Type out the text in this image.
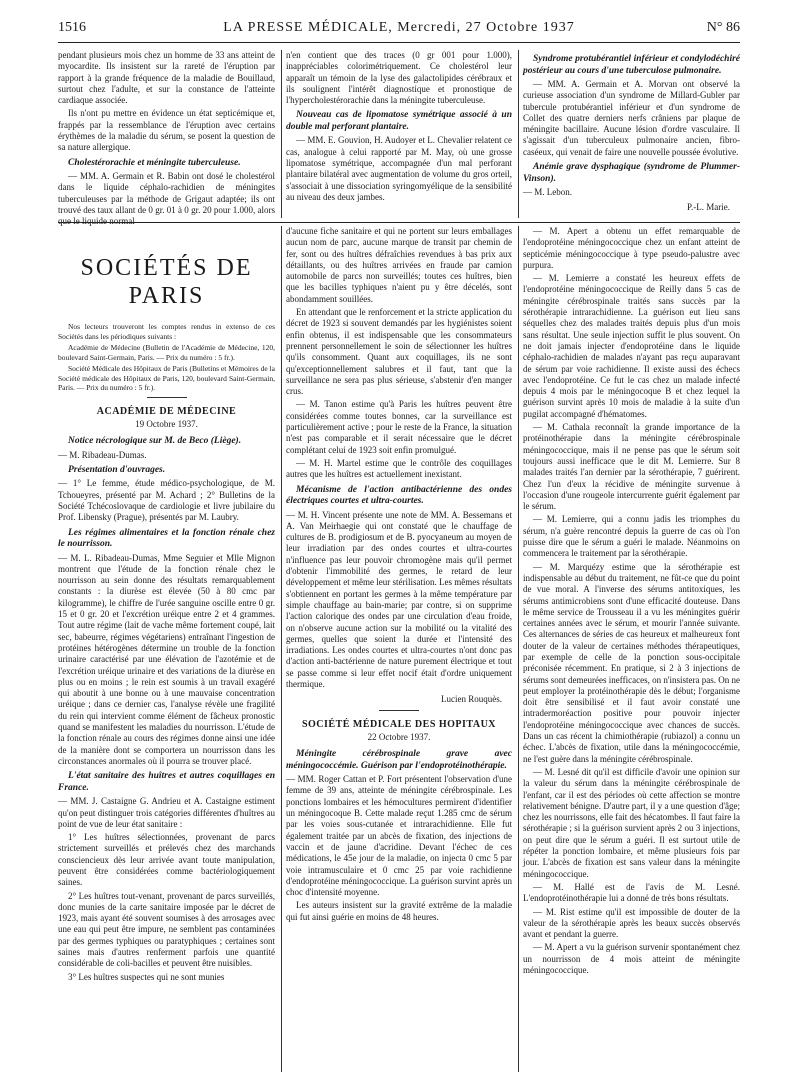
1516	LA PRESSE MÉDICALE, Mercredi, 27 Octobre 1937	N° 86

pendant plusieurs mois chez un homme de 33 ans atteint de myocardite. Ils insistent sur la rareté de l'éruption par rapport à la grande fréquence de la maladie de Bouillaud, surtout chez l'adulte, et sur la constance de l'atteinte cardiaque associée.

Ils n'ont pu mettre en évidence un état septicémique et, frappés par la ressemblance de l'éruption avec certains érythèmes de la maladie du sérum, se posent la question de sa nature allergique.

Cholestérorachie et méningite tuberculeuse.

— MM. A. Germain et R. Babin ont dosé le cholestérol dans le liquide céphalo-rachidien de méningites tuberculeuses par la méthode de Grigaut adaptée; ils ont trouvé des taux allant de 0 gr. 01 à 0 gr. 20 pour 1.000, alors que le liquide normal

n'en contient que des traces (0 gr 001 pour 1.000), inappréciables colorimétriquement. Ce cholestérol leur apparaît un témoin de la lyse des galactolipides cérébraux et ils soulignent l'intérêt diagnostique et pronostique de l'hypercholestérorachie dans la méningite tuberculeuse.

Nouveau cas de lipomatose symétrique associé à un double mal perforant plantaire.

— MM. E. Gouvion, H. Audoyer et L. Chevalier relatent ce cas, analogue à celui rapporté par M. May, où une grosse lipomatose symétrique, accompagnée d'un mal perforant plantaire bilatéral avec augmentation de volume du gros orteil, s'associait à une dissociation syringomyélique de la sensibilité au niveau des deux jambes.

Syndrome protubérantiel inférieur et condylodéchiré postérieur au cours d'une tuberculose pulmonaire.

— MM. A. Germain et A. Morvan ont observé la curieuse association d'un syndrome de Millard-Gubler par tubercule protubérantiel inférieur et d'un syndrome de Collet des quatre derniers nerfs crâniens par plaque de méningite bacillaire. Aucune lésion d'ordre vasculaire. Il s'agissait d'un tuberculeux pulmonaire ancien, fibro-caséeux, qui venait de faire une nouvelle poussée évolutive.

Anémie grave dysphagique (syndrome de Plummer-Vinson).

— M. Lebon.

P.-L. Marie.
SOCIÉTÉS DE PARIS

Nos lecteurs trouveront les comptes rendus in extenso de ces Sociétés dans les périodiques suivants :

Académie de Médecine (Bulletin de l'Académie de Médecine, 120, boulevard Saint-Germain, Paris. — Prix du numéro : 5 fr.).

Société Médicale des Hôpitaux de Paris (Bulletins et Mémoires de la Société médicale des Hôpitaux de Paris, 120, boulevard Saint-Germain, Paris. — Prix du numéro : 5 fr.).

ACADÉMIE DE MÉDECINE
19 Octobre 1937.
Notice nécrologique sur M. de Beco (Liège).

— M. Ribadeau-Dumas.

Présentation d'ouvrages.

— 1° Le femme, étude médico-psychologique, de M. Tchoueyres, présenté par M. Achard ; 2° Bulletins de la Société Tchécoslovaque de cardiologie et livre jubilaire du Prof. Libensky (Prague), présentés par M. Laubry.

Les régimes alimentaires et la fonction rénale chez le nourrisson.

— M. L. Ribadeau-Dumas, Mme Seguier et Mlle Mignon montrent que l'étude de la fonction rénale chez le nourrisson au sein donne des résultats remarquablement constants : la diurèse est élevée (50 à 80 cmc par kilogramme), le chiffre de l'urée sanguine oscille entre 0 gr. 15 et 0 gr. 20 et l'excrétion uréique entre 2 et 4 grammes. Tout autre régime (lait de vache même fortement coupé, lait sec, babeurre, régimes végétariens) entraînant l'ingestion de protéines hétérogènes détermine un trouble de la fonction urinaire caractérisé par une élévation de l'azotémie et de l'excrétion uréique urinaire et des variations de la diurèse en plus ou en moins ; le rein est soumis à un travail exagéré qui aboutit à une bonne ou à une mauvaise concentration uréique ; dans ce dernier cas, l'analyse révèle une fragilité du rein qui intervient comme élément de fâcheux pronostic quand se manifestent les maladies du nourrisson. L'étude de la fonction rénale au cours des régimes donne ainsi une idée de la manière dont se comportera un nourrisson dans les circonstances anormales où il pourra se trouver placé.

L'état sanitaire des huîtres et autres coquillages en France.

— MM. J. Castaigne G. Andrieu et A. Castaigne estiment qu'on peut distinguer trois catégories différentes d'huîtres au point de vue de leur état sanitaire :

1° Les huîtres sélectionnées, provenant de parcs strictement surveillés et prélevés chez des marchands consciencieux dès leur arrivée avant toute manipulation, peuvent être considérées comme bactériologiquement saines.

2° Les huîtres tout-venant, provenant de parcs surveillés, donc munies de la carte sanitaire imposée par le décret de 1923, mais ayant été souvent soumises à des arrosages avec une eau qui peut être impure, ne semblent pas contaminées par des germes typhiques ou paratyphiques ; certaines sont saines mais d'autres renferment parfois une quantité considérable de coli-bacilles et peuvent être nuisibles.

3° Les huîtres suspectes qui ne sont munies

d'aucune fiche sanitaire et qui ne portent sur leurs emballages aucun nom de parc, aucune marque de transit par chemin de fer, sont ou des huîtres défraîchies revendues à bas prix aux détaillants, ou des huîtres arrivées en fraude par camion automobile de parcs non surveillés; toutes ces huîtres, bien que les bacilles typhiques n'aient pu y être décelés, sont abondamment souillées.

En attendant que le renforcement et la stricte application du décret de 1923 si souvent demandés par les hygiénistes soient enfin obtenus, il est indispensable que les consommateurs prennent personnellement le soin de sélectionner les huîtres qu'ils consomment. Quant aux coquillages, ils ne sont qu'exceptionnellement salubres et il faut, tant que la surveillance ne sera pas plus sérieuse, s'abstenir d'en manger crus.

— M. Tanon estime qu'à Paris les huîtres peuvent être considérées comme toutes bonnes, car la surveillance est particulièrement active ; pour le reste de la France, la situation n'est pas comparable et il serait nécessaire que le décret complétant celui de 1923 soit enfin promulgué.

— M. H. Martel estime que le contrôle des coquillages autres que les huîtres est actuellement inexistant.

Mécanisme de l'action antibactérienne des ondes électriques courtes et ultra-courtes.

— M. H. Vincent présente une note de MM. A. Bessemans et A. Van Meirhaegie qui ont constaté que le chauffage de cultures de B. prodigiosum et de B. pyocyaneum au moyen de leur irradiation par des ondes courtes et ultra-courtes n'influence pas leur pouvoir chromogène mais qu'il permet d'obtenir l'immobilité des germes, le retard de leur développement et même leur stérilisation. Les mêmes résultats s'obtiennent en portant les germes à la même température par simple chauffage au bain-marie; par contre, si on supprime l'action calorique des ondes par une circulation d'eau froide, on n'observe aucune action sur la mobilité ou la vitalité des germes, quelles que soient la durée et l'intensité des irradiations. Les ondes courtes et ultra-courtes n'ont donc pas d'action anti-bactérienne de nature purement électrique et tout se passe comme si leur effet nocif était d'ordre uniquement thermique.

Lucien Rouquès.
SOCIÉTÉ MÉDICALE DES HOPITAUX
22 Octobre 1937.
Méningite cérébrospinale grave avec méningococcémie. Guérison par l'endoprotéinothérapie.

— MM. Roger Cattan et P. Fort présentent l'observation d'une femme de 39 ans, atteinte de méningite cérébrospinale. Les ponctions lombaires et les hémocultures permirent d'identifier un méningocoque B. Cette malade reçut 1.285 cmc de sérum par les voies sous-cutanée et intrarachidienne. Elle fut également traitée par un abcès de fixation, des injections de vaccin et de jaune d'acridine. Devant l'échec de ces médications, le 45e jour de la maladie, on injecta 0 cmc 5 par voie intramusculaire et 0 cmc 25 par voie rachidienne d'endoprotéine méningococcique. La guérison survint après un choc d'intensité moyenne.

Les auteurs insistent sur la gravité extrême de la maladie qui fut ainsi guérie en moins de 48 heures.

— M. Apert a obtenu un effet remarquable de l'endoprotéine méningococcique chez un enfant atteint de septicémie méningococcique à type pseudo-palustre avec purpura.

— M. Lemierre a constaté les heureux effets de l'endoprotéine méningococcique de Reilly dans 5 cas de méningite cérébrospinale traités sans succès par la sérothérapie intrarachidienne. La guérison eut lieu sans séquelles chez des malades traités depuis plus d'un mois sans résultat. Une seule injection suffit le plus souvent. On ne doit jamais injecter d'endoprotéine dans le liquide céphalo-rachidien de malades n'ayant pas reçu auparavant de sérum par voie rachidienne. Il existe aussi des échecs avec l'endoprotéine. Ce fut le cas chez un malade infecté depuis 4 mois par le méningocoque B et chez lequel la guérison survint après 10 mois de maladie à la suite d'un pugilat accompagné d'hématomes.

— M. Cathala reconnaît la grande importance de la protéinothérapie dans la méningite cérébrospinale méningococcique, mais il ne pense pas que le sérum soit toujours aussi inefficace que le dit M. Lemierre. Sur 8 malades traités l'an dernier par la sérothérapie, 7 guérirent. Chez l'un d'eux la récidive de méningite survenue à l'occasion d'une rougeole intercurrente guérit également par le sérum.

— M. Lemierre, qui a connu jadis les triomphes du sérum, n'a guère rencontré depuis la guerre de cas où l'on puisse dire que le sérum a guéri le malade. Néanmoins on commencera le traitement par la sérothérapie.

— M. Marquézy estime que la sérothérapie est indispensable au début du traitement, ne fût-ce que du point de vue moral. A l'inverse des sérums antitoxiques, les sérums antimicrobiens sont d'une efficacité douteuse. Dans le même service de Trousseau il a vu les méningites guérir certaines années avec le sérum, et mourir l'année suivante. Ces alternances de séries de cas heureux et malheureux font douter de la valeur de certaines méthodes thérapeutiques, par exemple de celle de la ponction sous-occipitale préconisée récemment. En pratique, si 2 à 3 injections de sérums sont demeurées inefficaces, on n'insistera pas. On ne peut employer la protéinothérapie dès le début; l'organisme doit être sensibilisé et il faut avoir constaté une intradermoréaction positive pour pouvoir injecter l'endoprotéine méningococcique avec chances de succès. Dans un cas récent la chimiothérapie (rubiazol) a connu un échec. L'abcès de fixation, utile dans la méningococcémie, ne l'est guère dans la méningite cérébrospinale.

— M. Lesné dit qu'il est difficile d'avoir une opinion sur la valeur du sérum dans la méningite cérébrospinale de l'enfant, car il est des périodes où cette affection se montre relativement bénigne. D'autre part, il y a une question d'âge; chez les nourrissons, elle fait des hécatombes. Il faut faire la sérothérapie ; si la guérison survient après 2 ou 3 injections, on peut dire que le sérum a guéri. Il est surtout utile de répéter la ponction lombaire, et même plusieurs fois par jour. L'abcès de fixation est sans valeur dans la méningite méningococcique.

— M. Hallé est de l'avis de M. Lesné. L'endoprotéinothérapie lui a donné de très bons résultats.

— M. Rist estime qu'il est impossible de douter de la valeur de la sérothérapie après les beaux succès observés avant et pendant la guerre.

— M. Apert a vu la guérison survenir spontanément chez un nourrisson de 4 mois atteint de méningite méningococcique.
